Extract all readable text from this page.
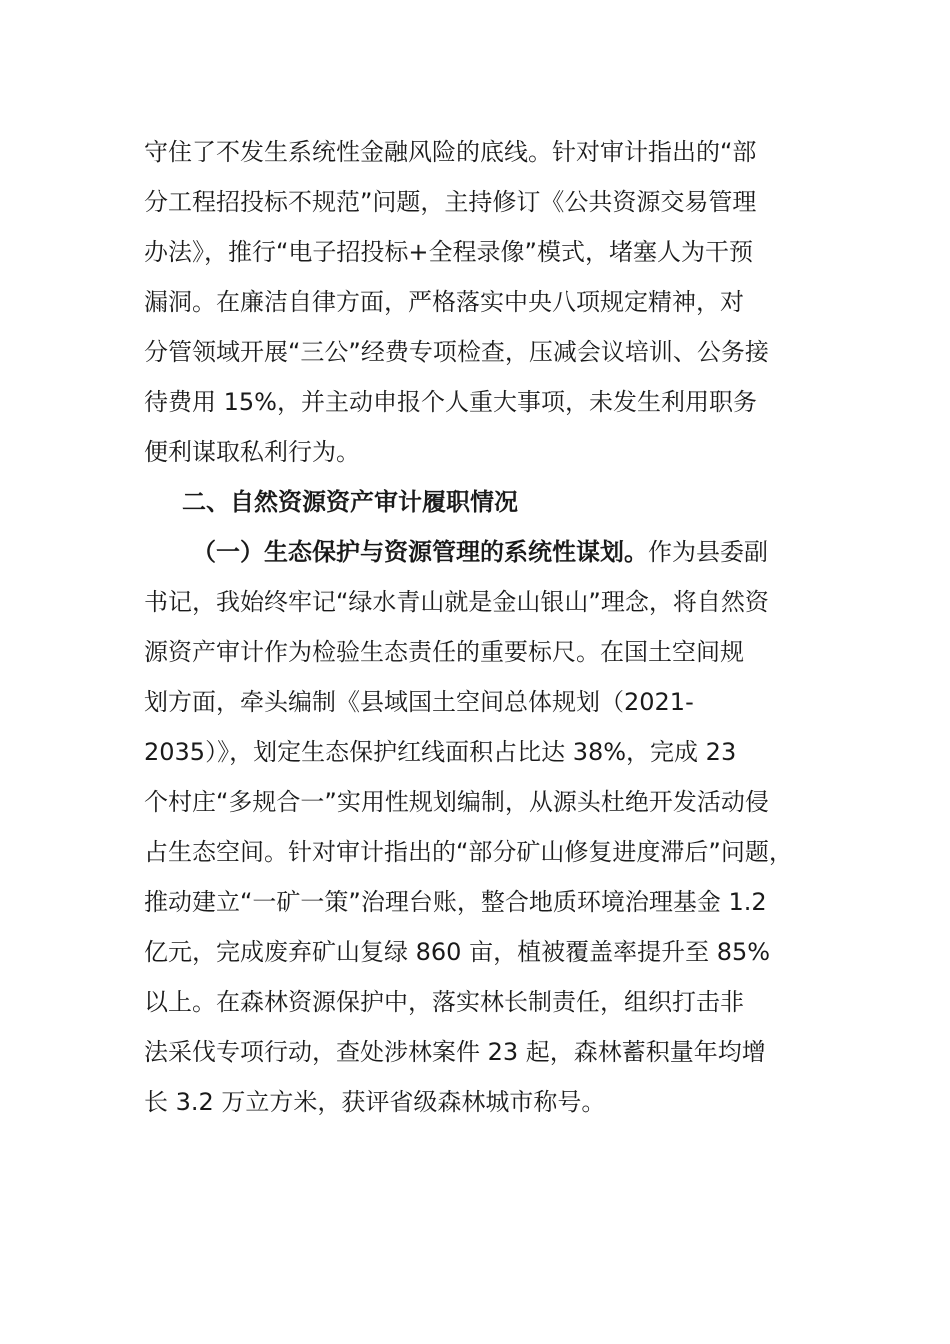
守住了不发生系统性金融风险的底线。针对审计指出的“部
分工程招投标不规范”问题，主持修订《公共资源交易管理
办法》，推行“电子招投标+全程录像”模式，堵塞人为干预
漏洞。在廉洁自律方面，严格落实中央八项规定精神，对
分管领域开展“三公”经费专项检查，压减会议培训、公务接
待费用 15%，并主动申报个人重大事项，未发生利用职务
便利谋取私利行为。
二、自然资源资产审计履职情况
（一）生态保护与资源管理的系统性谋划。作为县委副
书记，我始终牢记“绿水青山就是金山银山”理念，将自然资
源资产审计作为检验生态责任的重要标尺。在国土空间规
划方面，牵头编制《县域国土空间总体规划（2021-
2035）》，划定生态保护红线面积占比达 38%，完成 23
个村庄“多规合一”实用性规划编制，从源头杜绝开发活动侵
占生态空间。针对审计指出的“部分矿山修复进度滞后”问题，
推动建立“一矿一策”治理台账，整合地质环境治理基金 1.2
亿元，完成废弃矿山复绿 860 亩，植被覆盖率提升至 85%
以上。在森林资源保护中，落实林长制责任，组织打击非
法采伐专项行动，查处涉林案件 23 起，森林蓄积量年均增
长 3.2 万立方米，获评省级森林城市称号。
